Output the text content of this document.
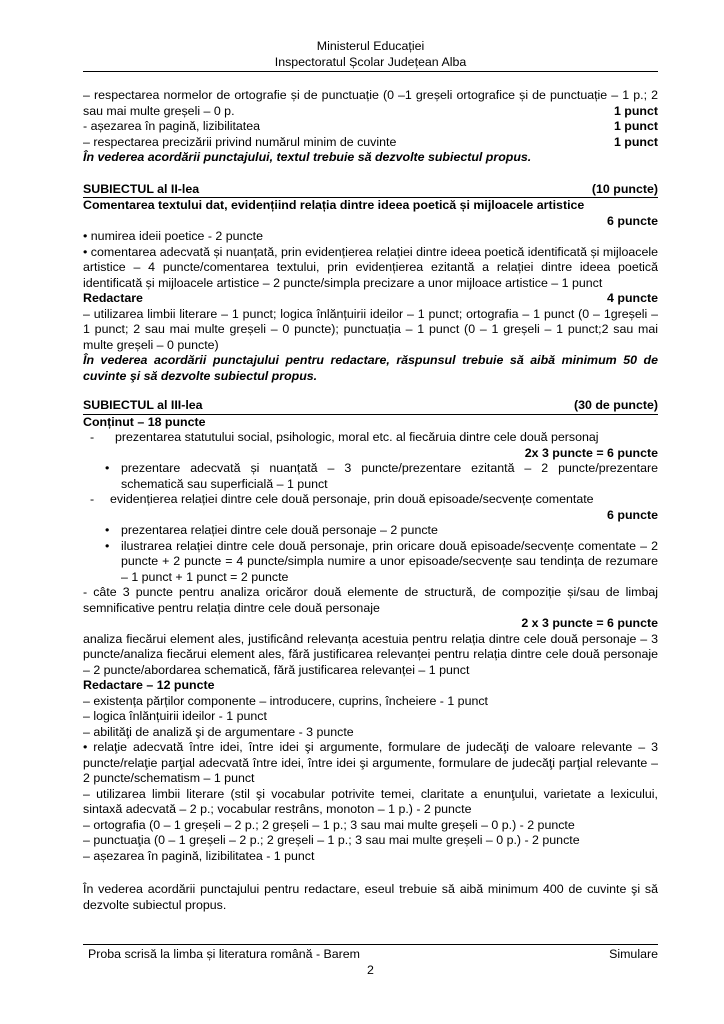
Ministerul Educației
Inspectoratul Școlar Județean Alba
– respectarea normelor de ortografie și de punctuație (0 –1 greșeli ortografice și de punctuație – 1 p.; 2 sau mai multe greșeli – 0 p.	1 punct
- așezarea în pagină, lizibilitatea	1 punct
– respectarea precizării privind numărul minim de cuvinte	1 punct
În vederea acordării punctajului, textul trebuie să dezvolte subiectul propus.
SUBIECTUL al II-lea	(10 puncte)
Comentarea textului dat, evidențiind relația dintre ideea poetică și mijloacele artistice
6 puncte
• numirea ideii poetice - 2 puncte
• comentarea adecvată și nuanțată, prin evidențierea relației dintre ideea poetică identificată și mijloacele artistice – 4 puncte/comentarea textului, prin evidențierea ezitantă a relației dintre ideea poetică identificată și mijloacele artistice – 2 puncte/simpla precizare a unor mijloace artistice – 1 punct
Redactare	4 puncte
– utilizarea limbii literare – 1 punct; logica înlănțuirii ideilor – 1 punct; ortografia – 1 punct (0 – 1greșeli – 1 punct; 2 sau mai multe greșeli – 0 puncte); punctuația – 1 punct (0 – 1 greșeli – 1 punct;2 sau mai multe greșeli – 0 puncte)
În vederea acordării punctajului pentru redactare, răspunsul trebuie să aibă minimum 50 de cuvinte şi să dezvolte subiectul propus.
SUBIECTUL al III-lea	(30 de puncte)
Conținut – 18 puncte
- prezentarea statutului social, psihologic, moral etc. al fiecăruia dintre cele două personaj
2x 3 puncte = 6 puncte
• prezentare adecvată și nuanțată – 3 puncte/prezentare ezitantă – 2 puncte/prezentare schematică sau superficială – 1 punct
- evidențierea relației dintre cele două personaje, prin două episoade/secvențe comentate
6 puncte
• prezentarea relației dintre cele două personaje – 2 puncte
• ilustrarea relației dintre cele două personaje, prin oricare două episoade/secvențe comentate – 2 puncte + 2 puncte = 4 puncte/simpla numire a unor episoade/secvențe sau tendința de rezumare – 1 punct + 1 punct = 2 puncte
- câte 3 puncte pentru analiza oricăror două elemente de structură, de compoziție și/sau de limbaj semnificative pentru relația dintre cele două personaje
2 x 3 puncte = 6 puncte
analiza fiecărui element ales, justificând relevanța acestuia pentru relația dintre cele două personaje – 3 puncte/analiza fiecărui element ales, fără justificarea relevanței pentru relația dintre cele două personaje – 2 puncte/abordarea schematică, fără justificarea relevanței – 1 punct
Redactare – 12 puncte
– existența părților componente – introducere, cuprins, încheiere - 1 punct
– logica înlănțuirii ideilor - 1 punct
– abilităţi de analiză şi de argumentare - 3 puncte
• relaţie adecvată între idei, între idei şi argumente, formulare de judecăţi de valoare relevante – 3 puncte/relaţie parţial adecvată între idei, între idei şi argumente, formulare de judecăţi parţial relevante – 2 puncte/schematism – 1 punct
– utilizarea limbii literare (stil şi vocabular potrivite temei, claritate a enunţului, varietate a lexicului, sintaxă adecvată – 2 p.; vocabular restrâns, monoton – 1 p.) - 2 puncte
– ortografia (0 – 1 greșeli – 2 p.; 2 greșeli – 1 p.; 3 sau mai multe greșeli – 0 p.) - 2 puncte
– punctuaţia (0 – 1 greșeli – 2 p.; 2 greșeli – 1 p.; 3 sau mai multe greșeli – 0 p.) - 2 puncte
– așezarea în pagină, lizibilitatea - 1 punct
În vederea acordării punctajului pentru redactare, eseul trebuie să aibă minimum 400 de cuvinte şi să dezvolte subiectul propus.
Proba scrisă la limba și literatura română - Barem	Simulare
2
